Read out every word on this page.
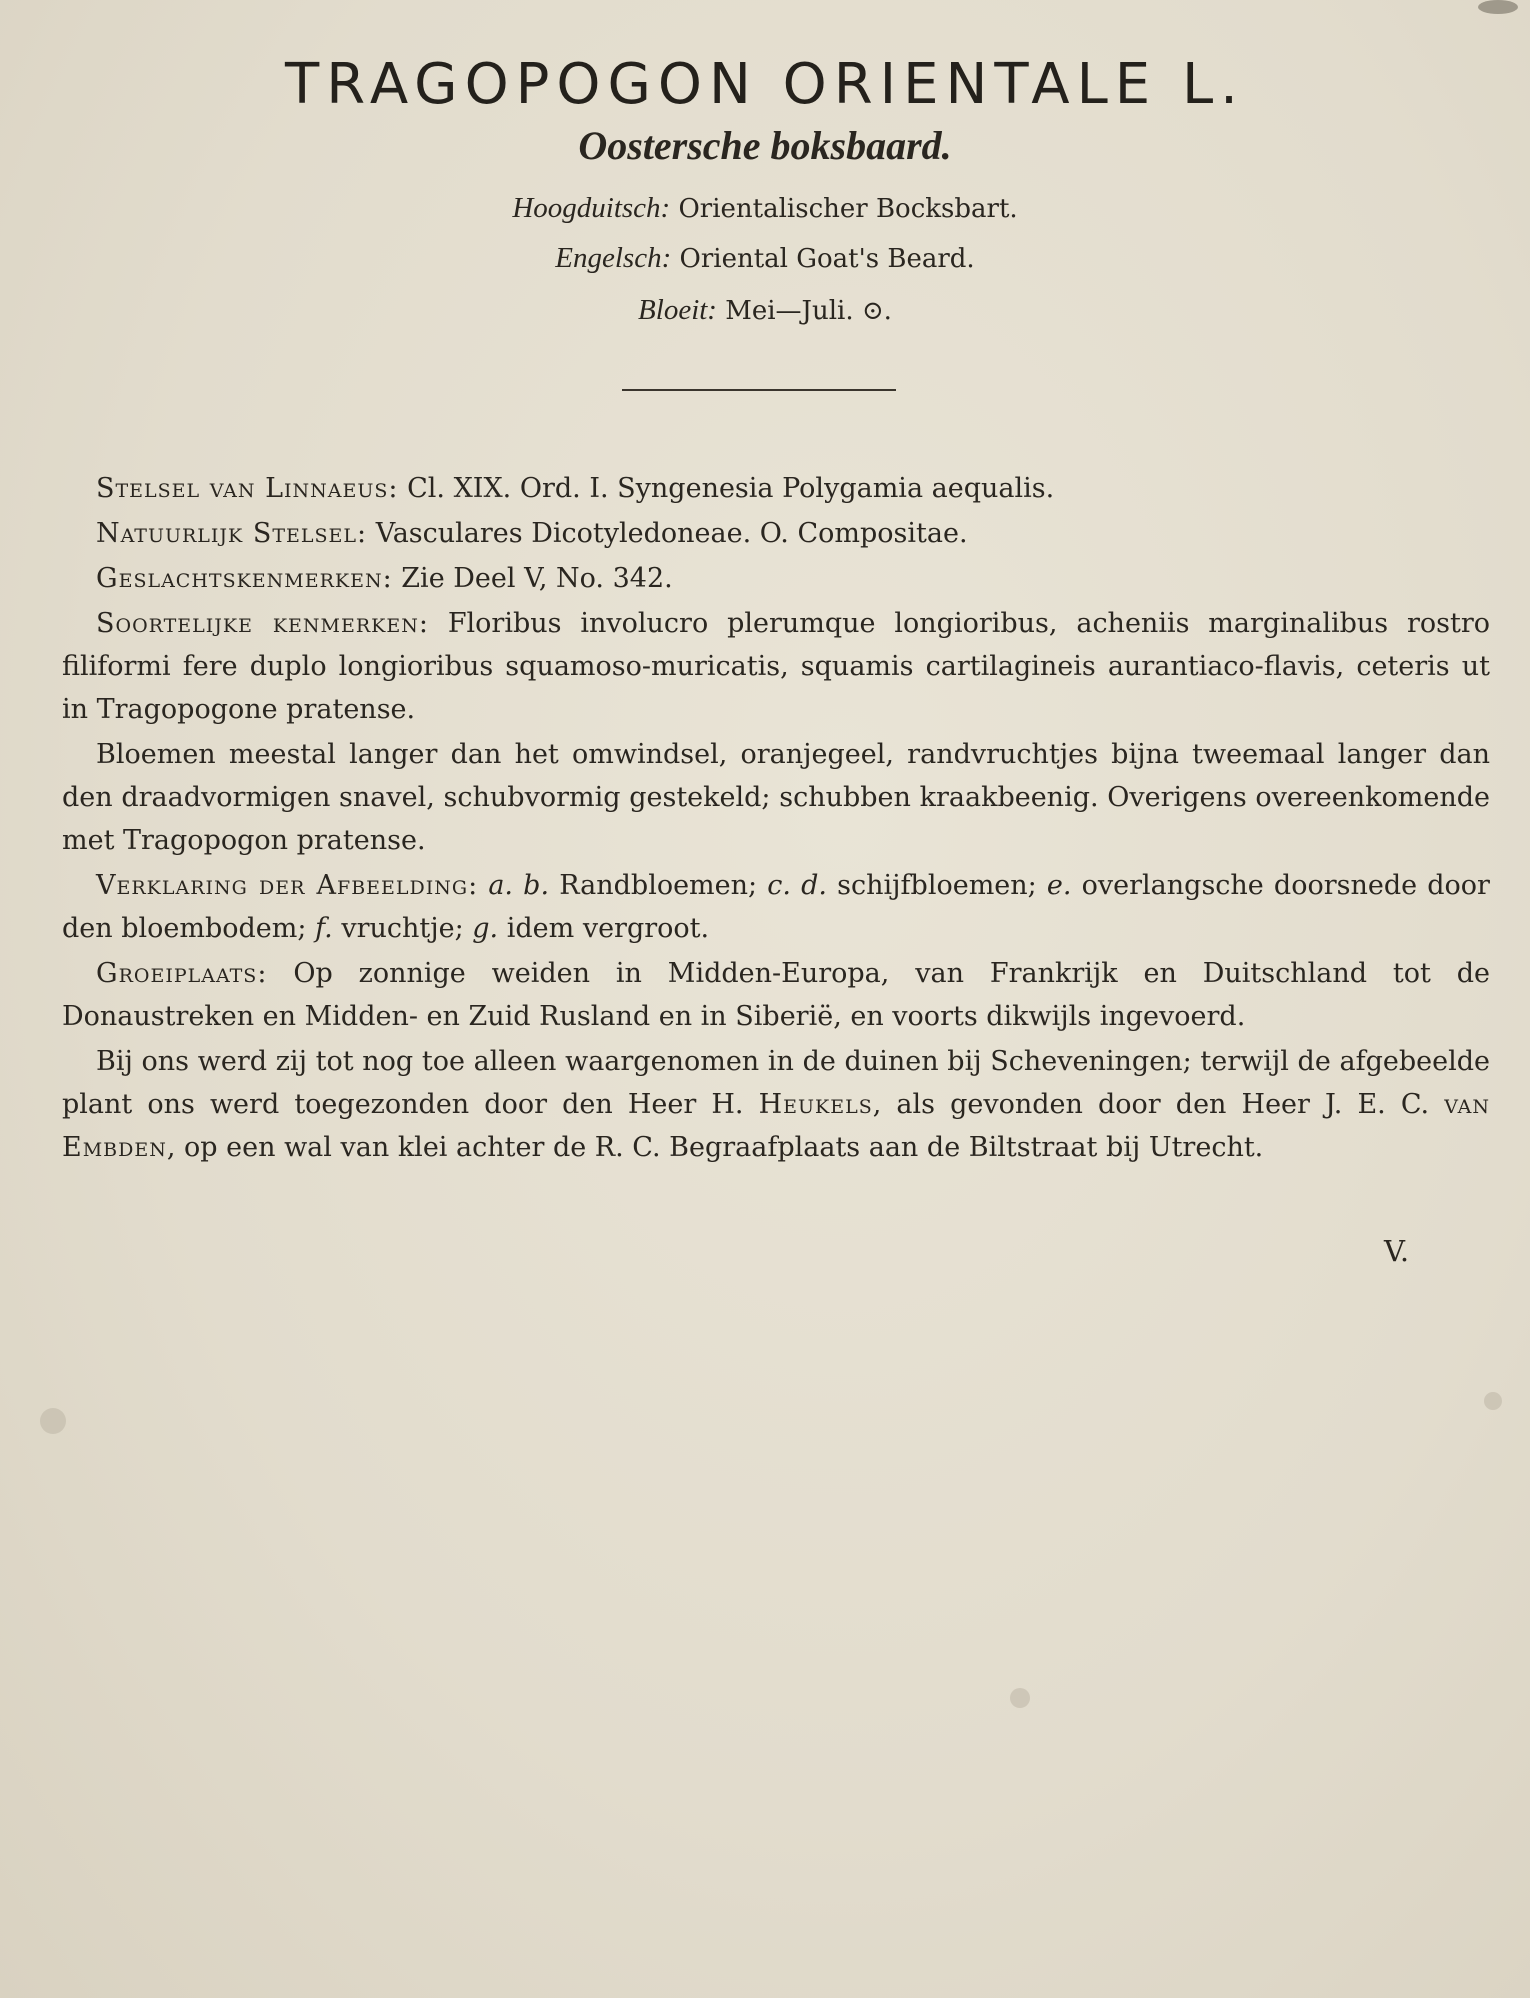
TRAGOPOGON ORIENTALE L.
Oostersche boksbaard.
Hoogduitsch: Orientalischer Bocksbart.
Engelsch: Oriental Goat's Beard.
Bloeit: Mei—Juli. ⊙.

Stelsel van Linnaeus: Cl. XIX. Ord. I. Syngenesia Polygamia aequalis.

Natuurlijk Stelsel: Vasculares Dicotyledoneae. O. Compositae.

Geslachtskenmerken: Zie Deel V, No. 342.

Soortelijke kenmerken: Floribus involucro plerumque longioribus, acheniis marginalibus rostro filiformi fere duplo longioribus squamoso-muricatis, squamis cartilagineis aurantiaco-flavis, ceteris ut in Tragopogone pratense.

Bloemen meestal langer dan het omwindsel, oranjegeel, randvruchtjes bijna tweemaal langer dan den draadvormigen snavel, schubvormig gestekeld; schubben kraakbeenig. Overigens overeenkomende met Tragopogon pratense.

Verklaring der Afbeelding: a. b. Randbloemen; c. d. schijfbloemen; e. overlangsche doorsnede door den bloembodem; f. vruchtje; g. idem vergroot.

Groeiplaats: Op zonnige weiden in Midden-Europa, van Frankrijk en Duitschland tot de Donaustreken en Midden- en Zuid Rusland en in Siberië, en voorts dikwijls ingevoerd.

Bij ons werd zij tot nog toe alleen waargenomen in de duinen bij Scheveningen; terwijl de afgebeelde plant ons werd toegezonden door den Heer H. Heukels, als gevonden door den Heer J. E. C. van Embden, op een wal van klei achter de R. C. Begraafplaats aan de Biltstraat bij Utrecht.

V.
